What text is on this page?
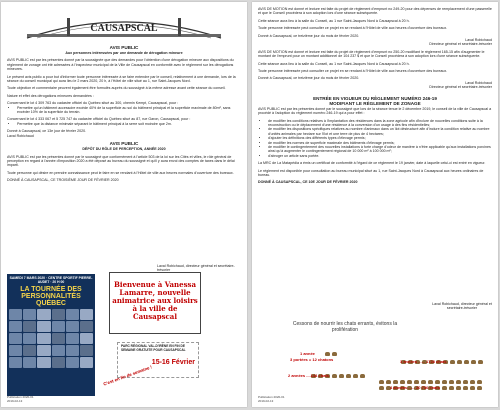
CAUSAPSCAL
AVIS PUBLIC
Aux personnes intéressées par une demande de dérogation mineure
AVIS PUBLIC est par les présentes donné par la soussignée que des demandes pour l'obtention d'une dérogation mineure aux dispositions du règlement de zonage ont été adressées à l'inspecteur municipal de la Ville de Causapscal en conformité avec le règlement sur les dérogations mineures.
Le présent avis public a pour but d'informer toute personne intéressée à se faire entendre par le conseil, relativement à une demande, lors de la séance du conseil municipal qui aura lieu le 2 mars 2020, 20 h, à l'Hôtel de ville situé au 1, rue Saint-Jacques Nord.
Toute objection et commentaire peuvent également être formulés auprès du soussigné à la même adresse avant cette séance du conseil.
Nature et effet des dérogations mineures demandées :
Concernant le lot 4 309 763 du cadastre officiel du Québec situé au 300, chemin Kempt, Causapscal, pour :
• Permettre qu'un bâtiment accessoire excède 40% de la superficie au sol du bâtiment principal et la superficie maximale de 80m², sans excéder 10% de la superficie du terrain.
Concernant le lot 4 333 067 et 5 725 747 du cadastre officiel du Québec situé au 87, rue Garon, Causapscal, pour :
• Permettre que la distance minimale séparant le bâtiment principal à la serre soit moindre que 2m.
Donné à Causapscal, ce 13e jour de février 2020.
Laval Robichaud
AVIS PUBLIC
DÉPÔT DU RÔLE DE PERCEPTION, ANNÉE 2020
AVIS PUBLIC est par les présentes donné par le soussigné que conformément à l'article 503 de la loi sur les Cités et villes, le rôle général de perception en regard à l'année d'imposition 2020 a été déposé au bureau du soussigné et qu'il y aura envoi des comptes de taxes dans le délai imparti.
Toute personne qui désire en prendre connaissance peut le faire en se rendant à l'Hôtel de ville aux heures normales d'ouverture des bureaux.
DONNÉ À CAUSAPSCAL, CE TROISIÈME JOUR DE FÉVRIER 2020
Laval Robichaud, directeur général et secrétaire-trésorier
SAMEDI 7 MARS 2020 · CENTRE SPORTIF PIERRE-AUDET · 20 H 00
LA TOURNÉE DES PERSONNALITÉS QUÉBEC
Bienvenue à Vanessa Lamarre, nouvelle animatrice aux loisirs à la ville de Causapscal
PARC RÉGIONAL VAL-D'IRÈNE EN FIN DE SEMAINE GRATUITE POUR CAUSAPSCAL
15-16 Février
C'est en fin de semaine !
Publication 2020-01
2019-02-13
AVIS DE MOTION est donné et lecture est faite du projet de règlement d'emprunt no 249-20 pour des dépenses de remplacement d'une passerelle et que le Conseil procédera à son adoption lors d'une séance subséquente.
Cette séance aura lieu à la salle du Conseil, au 1 rue Saint-Jacques Nord à Causapscal à 20 h.
Toute personne intéressée peut consulter ce projet en se rendant à l'Hôtel de ville aux heures d'ouverture des bureaux.
Donné à Causapscal, ce treizième jour du mois de février 2020.
Laval Robichaud
Directeur général et secrétaire-trésorier
AVIS DE MOTION est donné et lecture est faite du projet de règlement d'emprunt no 250-20 modifiant le règlement 165-15 afin d'augmenter le montant de l'emprunt pour un montant additionnel de 104 237 $ et que le Conseil procédera à son adoption lors d'une séance subséquente.
Cette séance aura lieu à la salle du Conseil, au 1 rue Saint-Jacques Nord à Causapscal à 20 h.
Toute personne intéressée peut consulter ce projet en se rendant à l'Hôtel de ville aux heures d'ouverture des bureaux.
Donné à Causapscal, ce treizième jour du mois de février 2020.
Laval Robichaud
Directeur général et secrétaire-trésorier
ENTRÉE EN VIGUEUR DU RÈGLEMENT NUMÉRO 246-19
MODIFIANT LE RÈGLEMENT DE ZONAGE
AVIS PUBLIC est par les présentes donné par le soussigné que lors de la séance tenue le 2 décembre 2019, le conseil de la ville de Causapscal a procédé à l'adoption du règlement numéro 246-19 qui a pour effet :
• de modifier les conditions relatives à l'implantation des résidences dans la zone agricole afin d'inclure de nouvelles conditions suite à la reconstruction ou le déplacement d'une résidence à la conversion d'un usage à des fins résidentielles;
• de modifier les dispositions spécifiques relatives au nombre d'animaux dans un îlot déstructuré afin d'inclure la condition relative au nombre d'unités animales par hectare sur l'îlot et une terre de plus de 4 hectares;
• d'ajouter les définitions des différents types d'élevage permis;
• de modifier les normes de superficie maximale des bâtiments d'élevage permis;
• de modifier le contingentement des nouvelles installations à forte charge d'odeur de manière à n'être applicable qu'aux installations porcines ainsi qu'à augmenter le contingentement régional de 10 000 m² à 100 000 m²;
• d'abroger un article sans portée.
La MRC de La Matapédia a émis un certificat de conformité à l'égard de ce règlement le 19 janvier, date à laquelle celui-ci est entré en vigueur.
Le règlement est disponible pour consultation au bureau municipal situé au 1, rue Saint-Jacques Nord à Causapscal aux heures ordinaires de bureau.
DONNÉ À CAUSAPSCAL, CE 10E JOUR DE FÉVRIER 2020
Laval Robichaud, directeur général et secrétaire-trésorier
Cessons de nourrir les chats errants, évitons la prolifération
1 année
3 portées = 12 chatons
2 années ....144 chats
3 années ...... 1728 chats
4 années ...... 20 736 chats
Publication 2020-01
2019-02-13
